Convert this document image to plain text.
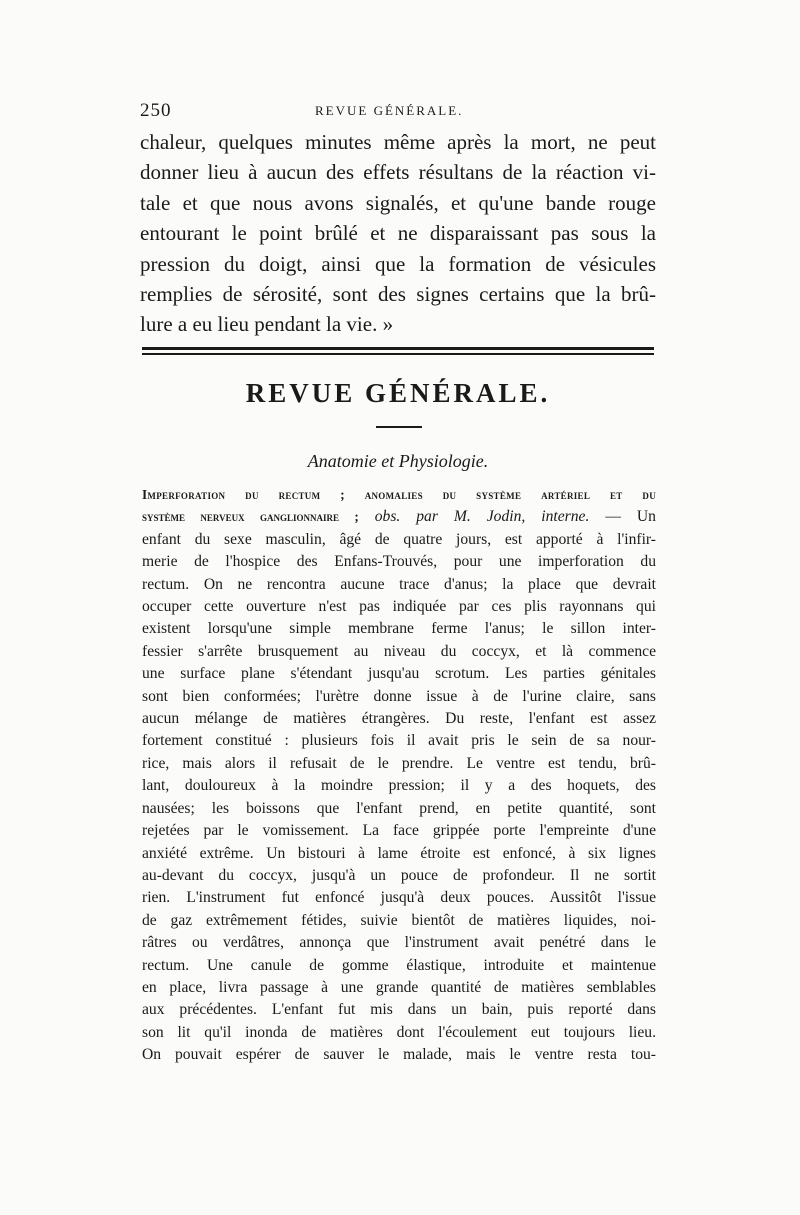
250	REVUE GÉNÉRALE.
chaleur, quelques minutes même après la mort, ne peut
donner lieu à aucun des effets résultans de la réaction vi-
tale et que nous avons signalés, et qu'une bande rouge
entourant le point brûlé et ne disparaissant pas sous la
pression du doigt, ainsi que la formation de vésicules
remplies de sérosité, sont des signes certains que la brû-
lure a eu lieu pendant la vie. »
REVUE GÉNÉRALE.
Anatomie et Physiologie.
Imperforation du rectum ; anomalies du système artériel et du
système nerveux ganglionnaire ; obs. par M. Jodin, interne. — Un
enfant du sexe masculin, âgé de quatre jours, est apporté à l'infir-
merie de l'hospice des Enfans-Trouvés, pour une imperforation du
rectum. On ne rencontra aucune trace d'anus; la place que devrait
occuper cette ouverture n'est pas indiquée par ces plis rayonnans qui
existent lorsqu'une simple membrane ferme l'anus; le sillon inter-
fessier s'arrête brusquement au niveau du coccyx, et là commence
une surface plane s'étendant jusqu'au scrotum. Les parties génitales
sont bien conformées; l'urètre donne issue à de l'urine claire, sans
aucun mélange de matières étrangères. Du reste, l'enfant est assez
fortement constitué : plusieurs fois il avait pris le sein de sa nour-
rice, mais alors il refusait de le prendre. Le ventre est tendu, brû-
lant, douloureux à la moindre pression; il y a des hoquets, des
nausées; les boissons que l'enfant prend, en petite quantité, sont
rejetées par le vomissement. La face grippée porte l'empreinte d'une
anxiété extrême. Un bistouri à lame étroite est enfoncé, à six lignes
au-devant du coccyx, jusqu'à un pouce de profondeur. Il ne sortit
rien. L'instrument fut enfoncé jusqu'à deux pouces. Aussitôt l'issue
de gaz extrêmement fétides, suivie bientôt de matières liquides, noi-
râtres ou verdâtres, annonça que l'instrument avait penétré dans le
rectum. Une canule de gomme élastique, introduite et maintenue
en place, livra passage à une grande quantité de matières semblables
aux précédentes. L'enfant fut mis dans un bain, puis reporté dans
son lit qu'il inonda de matières dont l'écoulement eut toujours lieu.
On pouvait espérer de sauver le malade, mais le ventre resta tou-
